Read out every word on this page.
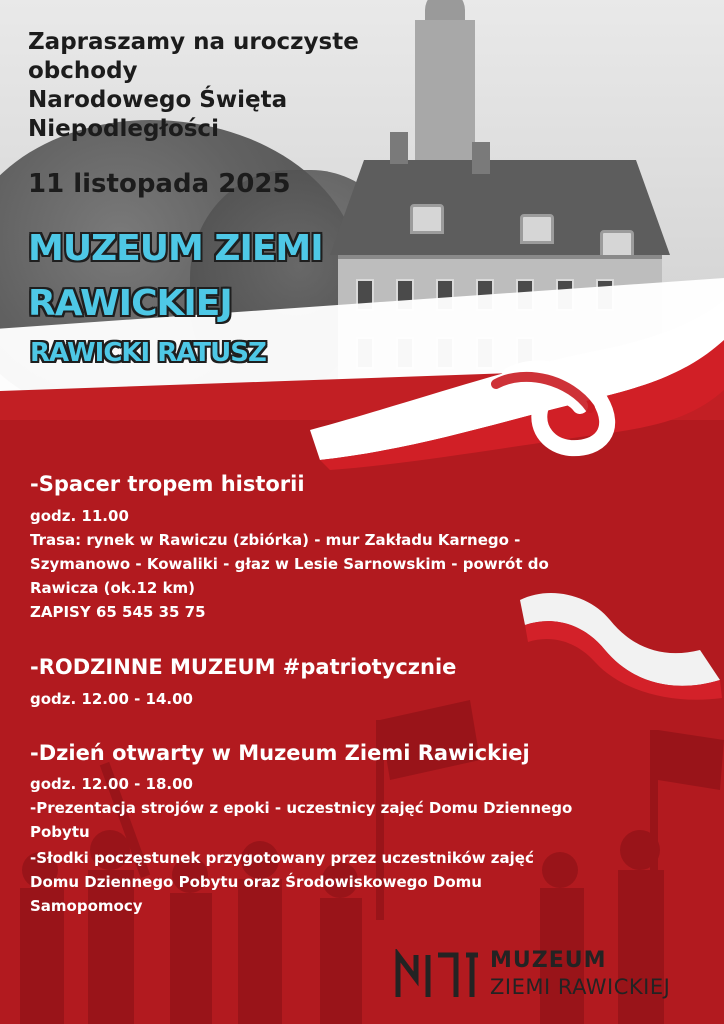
Zapraszamy na uroczyste
obchody
Narodowego Święta
Niepodległości
11 listopada 2025
MUZEUM ZIEMI
RAWICKIEJ
RAWICKI RATUSZ
-Spacer tropem historii
godz. 11.00
Trasa: rynek w Rawiczu (zbiórka) - mur Zakładu Karnego -
Szymanowo - Kowaliki - głaz w Lesie Sarnowskim - powrót do
Rawicza (ok.12 km)
ZAPISY 65 545 35 75
-RODZINNE MUZEUM #patriotycznie
godz. 12.00 - 14.00
-Dzień otwarty w Muzeum Ziemi Rawickiej
godz. 12.00 - 18.00
-Prezentacja strojów z epoki - uczestnicy zajęć Domu Dziennego
Pobytu
-Słodki poczęstunek przygotowany przez uczestników zajęć
Domu Dziennego Pobytu oraz Środowiskowego Domu
Samopomocy
MUZEUM
ZIEMI RAWICKIEJ
